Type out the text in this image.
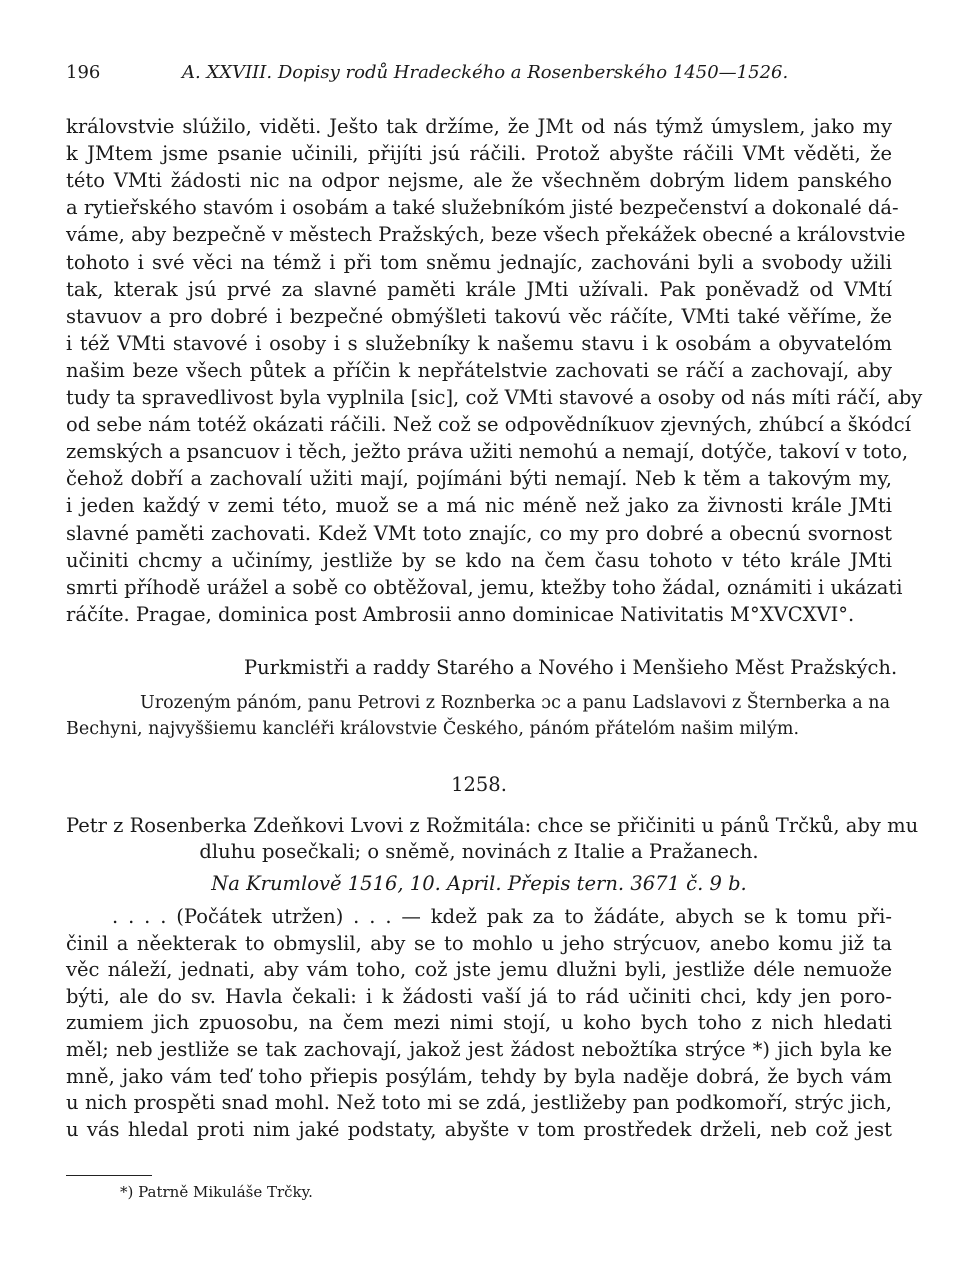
196	A. XXVIII. Dopisy rodů Hradeckého a Rosenberského 1450—1526.
královstvie slúžilo, viděti. Ješto tak držíme, že JMt od nás týmž úmyslem, jako my
k JMtem jsme psanie učinili, přijíti jsú ráčili. Protož abyšte ráčili VMt věděti, že
této VMti žádosti nic na odpor nejsme, ale že všechněm dobrým lidem panského
a rytieřského stavóm i osobám a také služebníkóm jisté bezpečenství a dokonalé dá-
váme, aby bezpečně v městech Pražských, beze všech překážek obecné a královstvie
tohoto i své věci na témž i při tom sněmu jednajíc, zachováni byli a svobody užili
tak, kterak jsú prvé za slavné paměti krále JMti užívali. Pak poněvadž od VMtí
stavuov a pro dobré i bezpečné obmýšleti takovú věc ráčíte, VMti také věříme, že
i též VMti stavové i osoby i s služebníky k našemu stavu i k osobám a obyvatelóm
našim beze všech půtek a příčin k nepřátelstvie zachovati se ráčí a zachovají, aby
tudy ta spravedlivost byla vyplnila [sic], což VMti stavové a osoby od nás míti ráčí, aby
od sebe nám totéž okázati ráčili. Než což se odpovědníkuov zjevných, zhúbcí a škódcí
zemských a psancuov i těch, ježto práva užiti nemohú a nemají, dotýče, takoví v toto,
čehož dobří a zachovalí užiti mají, pojímáni býti nemají. Neb k těm a takovým my,
i jeden každý v zemi této, muož se a má nic méně než jako za živnosti krále JMti
slavné paměti zachovati. Kdež VMt toto znajíc, co my pro dobré a obecnú svornost
učiniti chcmy a učinímy, jestliže by se kdo na čem času tohoto v této krále JMti
smrti příhodě urážel a sobě co obtěžoval, jemu, ktežby toho žádal, oznámiti i ukázati
ráčíte. Pragae, dominica post Ambrosii anno dominicae Nativitatis M°XVCXVI°.
Purkmistři a raddy Starého a Nového i Menšieho Měst Pražských.
Urozeným pánóm, panu Petrovi z Roznberka ɔc a panu Ladslavovi z Šternberka a na
Bechyni, najvyššiemu kancléři královstvie Českého, pánóm přátelóm našim milým.
1258.
Petr z Rosenberka Zdeňkovi Lvovi z Rožmitála: chce se přičiniti u pánů Trčků, aby mu
dluhu posečkali; o sněmě, novinách z Italie a Pražanech.
Na Krumlově 1516, 10. April. Přepis tern. 3671 č. 9 b.
. . . . (Počátek utržen) . . . — kdež pak za to žádáte, abych se k tomu při-
činil a něekterak to obmyslil, aby se to mohlo u jeho strýcuov, anebo komu již ta
věc náleží, jednati, aby vám toho, což jste jemu dlužni byli, jestliže déle nemuože
býti, ale do sv. Havla čekali: i k žádosti vaší já to rád učiniti chci, kdy jen poro-
zumiem jich zpuosobu, na čem mezi nimi stojí, u koho bych toho z nich hledati
měl; neb jestliže se tak zachovají, jakož jest žádost nebožtíka strýce *) jich byla ke
mně, jako vám teď toho přiepis posýlám, tehdy by byla naděje dobrá, že bych vám
u nich prospěti snad mohl. Než toto mi se zdá, jestližeby pan podkomoří, strýc jich,
u vás hledal proti nim jaké podstaty, abyšte v tom prostředek drželi, neb což jest
*) Patrně Mikuláše Trčky.
